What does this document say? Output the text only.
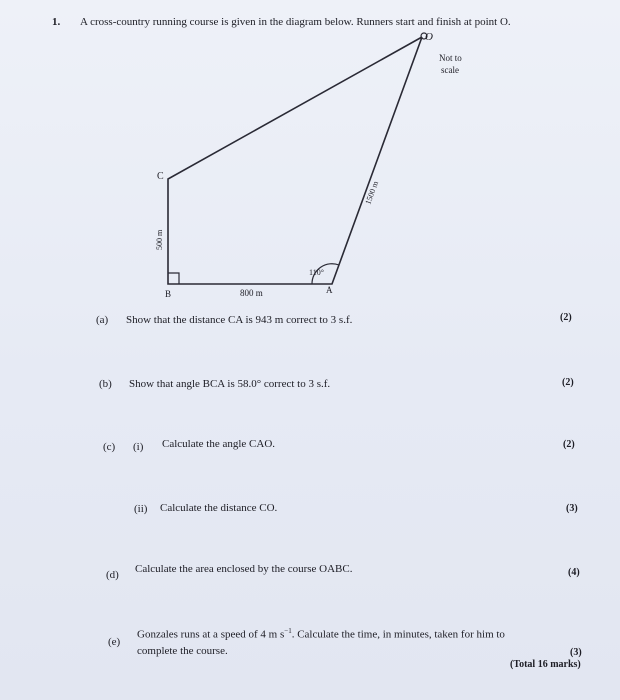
1. A cross-country running course is given in the diagram below. Runners start and finish at point O.
O
C
B	A
500 m
800 m
1500 m
110°
Not to
scale
(a) Show that the distance CA is 943 m correct to 3 s.f.	(2)
(b) Show that angle BCA is 58.0° correct to 3 s.f.	(2)
(c) (i) Calculate the angle CAO.	(2)
(ii) Calculate the distance CO.	(3)
(d) Calculate the area enclosed by the course OABC.	(4)
(e)
Gonzales runs at a speed of 4 m $s^{-1}$. Calculate the time, in minutes, taken for him to
complete the course.	(3)
(Total 16 marks)
